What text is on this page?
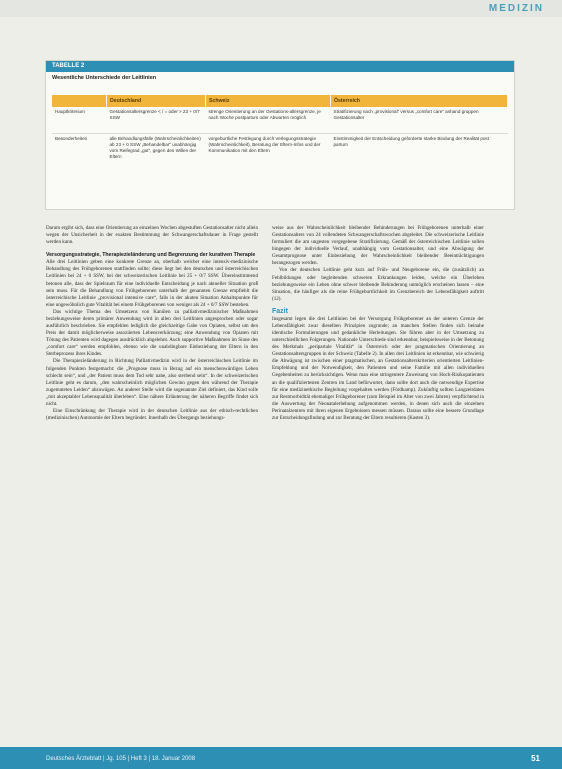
MEDIZIN
TABELLE 2
Wesentliche Unterschiede der Leitlinien
	Deutschland	Schweiz	Österreich
Hauptkriterium	Gestationsaltersgrenze < / = oder > 23 + 0/7 SSW	strenge Orientierung an der Gestations-altersgrenze, je nach Woche postpartum oder Abwarten möglich	Stratifizierung nach „provisional“ versus „comfort care“ anhand gruppen Gestationsalter
Besonderheiten	alle Behandlungsfälle (Wahrscheinlichkeiten) ab 23 + 0 SSW „Behandelbar“ unabhängig vom Reifegrad „gut“, gegen den Willen der Eltern	vorgeburtliche Festlegung durch Verlegungsstrategie (Wahrscheinlichkeit), Beratung der Eltern-Infos und der Kommunikation mit den Eltern	Einstimmigkeit der Entscheidung geforderte starke Bindung der Realität post partum

Darum ergibt sich, dass eine Orientierung an einzelnen Wochen abgestuften Gestationsalter nicht allein wegen der Unsicherheit in der exakten Bestimmung der Schwangerschaftsdauer in Frage gestellt werden kann.

Versorgungsstrategie, Therapiezieländerung und Begrenzung der kurativen Therapie

Alle drei Leitlinien geben eine konkrete Grenze an, oberhalb welcher eine intensiv-medizinische Behandlung des Frühgeborenen stattfinden sollte; diese liegt bei den deutschen und österreichischen Leitlinien bei 24 + 0 SSW, bei der schweizerischen Leitlinie bei 25 + 0/7 SSW. Übereinstimmend betonen alle, dass der Spielraum für eine individuelle Entscheidung je nach aktueller Situation groß sein muss. Für die Behandlung von Frühgeborenen unterhalb der genannten Grenze empfiehlt die österreichische Leitlinie „provisional intensive care“, falls in der akuten Situation Anhaltspunkte für eine ungewöhnlich gute Vitalität bei einem Frühgeborenen von weniger als 24 + 0/7 SSW bestehen.

Das wichtige Thema des Umsetzens von Kanülen zu palliativmedizinischer Maßnahmen beziehungsweise deren primärer Anwendung wird in allen drei Leitlinien angesprochen oder sogar ausführlich beschrieben. Sie empfehlen lediglich die gleichzeitige Gabe von Opiaten, selbst um den Preis der damit möglicherweise assoziierten Lebensverkürzung; eine Anwendung von Opiaten mit Tötung des Patienten wird dagegen ausdrücklich abgelehnt. Auch supportive Maßnahmen im Sinne des „comfort care“ werden empfohlen, ebenso wie die unabdingbare Einbeziehung der Eltern in den Sterbeprozess ihres Kindes.

Die Therapiezieländerung in Richtung Palliativmedizin wird in der österreichischen Leitlinie im folgenden Punkten festgemacht: die „Prognose muss in Bezug auf ein menschenwürdiges Leben schlecht sein“, und „der Patient muss dem Tod sehr nahe, also sterbend sein“. In der schweizerischen Leitlinie geht es darum, „den wahrscheinlich möglichen Gewinn gegen den während der Therapie zugemuteten Leiden“ abzuwägen. An anderer Stelle wird die sogenannte Ziel definiert, das Kind solle „mit akzeptabler Lebensqualität überleben“. Eine nähere Erläuterung der näheren Begriffe findet sich nicht.

Eine Einschränkung der Therapie wird in der deutschen Leitlinie aus der ethisch-rechtlichen (medizinischen) Autonomie der Eltern begründet. Innerhalb des Übergangs beziehungs-

weise aus der Wahrscheinlichkeit bleibender Behinderungen bei Frühgeborenen unterhalb einer Gestationsalters von 24 vollendeten Schwangerschaftswochen abgeleitet. Die schweizerische Leitlinie formuliert die am ungesten vorgegebene Stratifizierung. Gemäß der österreichischen Leitlinie sollen hingegen der individuelle Verlauf, unabhängig vom Gestationsalter, und eine Abwägung der Gesamtprognose unter Einbeziehung der Wahrscheinlichkeit bleibender Beeinträchtigungen herangezogen werden.

Von der deutschen Leitlinie geht kurz auf Früh- und Neugeborene ein, die (zusätzlich) an Fehlbildungen oder begleitenden schweren Erkrankungen leiden, welche ein Überleben beziehungsweise ein Leben ohne schwer bleibende Behinderung unmöglich erscheinen lassen – eine Situation, die häufiger als die reine Frühgeburtlichkeit im Grenzbereich der Lebensfähigkeit auftritt (12).

Fazit

Insgesamt legen die drei Leitlinien bei der Versorgung Frühgeborener an der unteren Grenze der Lebensfähigkeit zwar dieselben Prinzipien zugrunde; an manchen Stellen finden sich beinahe identische Formulierungen und gedankliche Herleitungen. Sie führen aber in der Umsetzung zu unterschiedlichen Folgerungen. Nationale Unterschiede sind erkennbar, beispielsweise in der Betonung des Merkmals „peripartale Vitalität“ in Österreich oder der pragmatischen Orientierung an Gestationsaltersgruppen in der Schweiz (Tabelle 2). In allen drei Leitlinien ist erkennbar, wie schwierig die Abwägung ist zwischen einer pragmatischen, an Gestationsalterskriterien orientierten Leitlinien-Empfehlung und der Notwendigkeit, den Patienten und seine Familie mit allen individuellen Gegebenheiten zu berücksichtigen. Wenn man eine stringentere Zuweisung von Hoch-Risikopatienten an die qualifiziertesten Zentren im Land befürwortet, dann sollte dort auch die notwendige Expertise für eine medizinethische Begleitung vorgehalten werden (Fördkamp). Zukünftig sollten Langzeitdaten zur Restmorbidität ehemaliger Frühgeborener (zum Beispiel im Alter von zwei Jahren) verpflichtend in die Auswertung der Neonatalerhebung aufgenommen werden, in denen sich auch die einzelnen Perinatalzentren mit ihren eigenen Ergebnissen messen müssen. Daraus sollte eine bessere Grundlage zur Entscheidungsfindung und zur Beratung der Eltern resultieren (Kasten 3).

Deutsches Ärzteblatt | Jg. 105 | Heft 3 | 18. Januar 2008	51
